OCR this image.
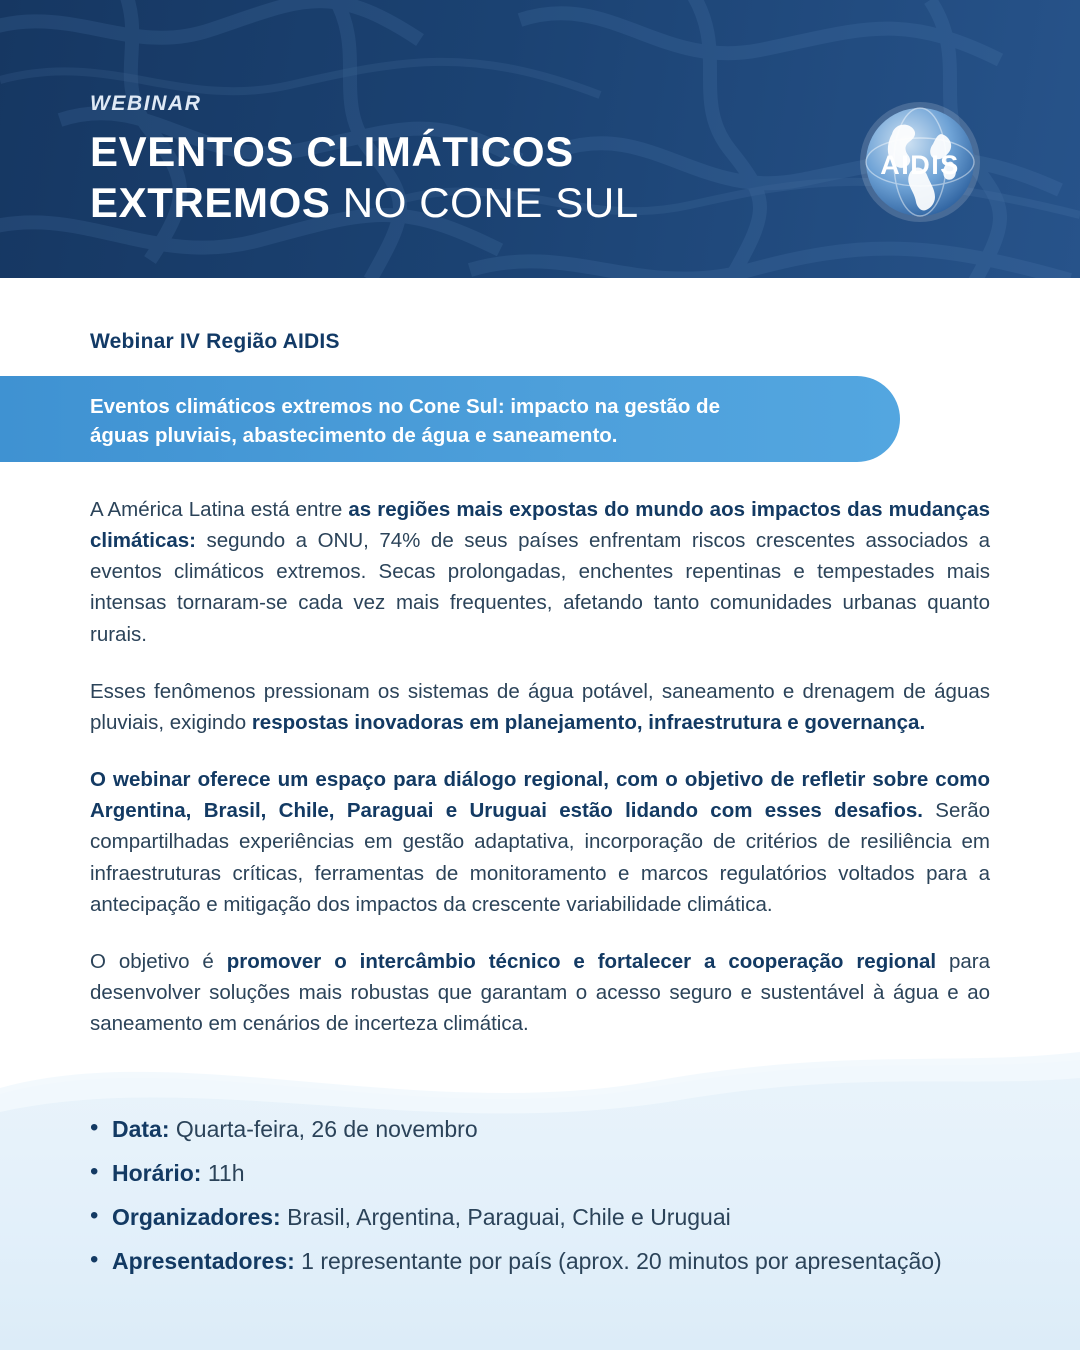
WEBINAR
EVENTOS CLIMÁTICOS
EXTREMOS NO CONE SUL
AIDIS
Webinar IV Região AIDIS
Eventos climáticos extremos no Cone Sul: impacto na gestão de águas pluviais, abastecimento de água e saneamento.

A América Latina está entre as regiões mais expostas do mundo aos impactos das mudanças climáticas: segundo a ONU, 74% de seus países enfrentam riscos crescentes associados a eventos climáticos extremos. Secas prolongadas, enchentes repentinas e tempestades mais intensas tornaram-se cada vez mais frequentes, afetando tanto comunidades urbanas quanto rurais.

Esses fenômenos pressionam os sistemas de água potável, saneamento e drenagem de águas pluviais, exigindo respostas inovadoras em planejamento, infraestrutura e governança.

O webinar oferece um espaço para diálogo regional, com o objetivo de refletir sobre como Argentina, Brasil, Chile, Paraguai e Uruguai estão lidando com esses desafios. Serão compartilhadas experiências em gestão adaptativa, incorporação de critérios de resiliência em infraestruturas críticas, ferramentas de monitoramento e marcos regulatórios voltados para a antecipação e mitigação dos impactos da crescente variabilidade climática.

O objetivo é promover o intercâmbio técnico e fortalecer a cooperação regional para desenvolver soluções mais robustas que garantam o acesso seguro e sustentável à água e ao saneamento em cenários de incerteza climática.

• Data: Quarta-feira, 26 de novembro
• Horário: 11h
• Organizadores: Brasil, Argentina, Paraguai, Chile e Uruguai
• Apresentadores: 1 representante por país (aprox. 20 minutos por apresentação)
